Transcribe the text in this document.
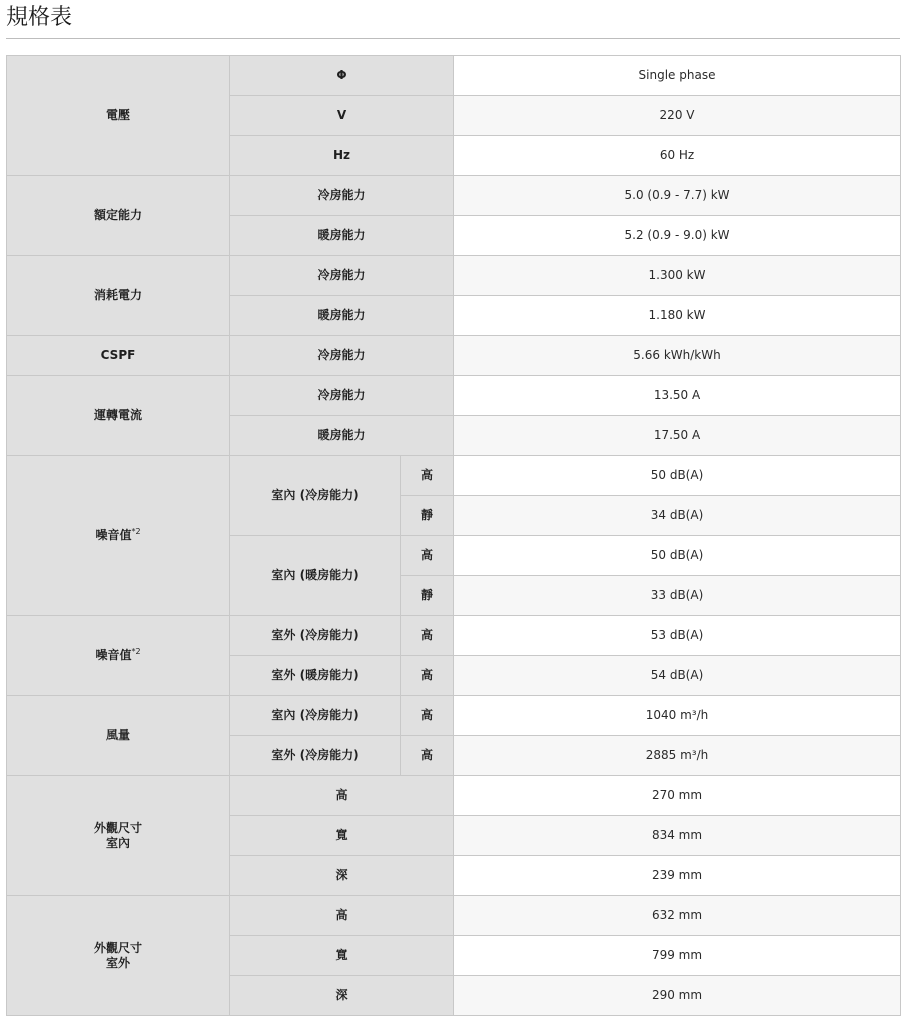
規格表
電壓	Φ		Single phase
	V		220 V
	Hz		60 Hz
額定能力	冷房能力		5.0 (0.9 - 7.7) kW
	暖房能力		5.2 (0.9 - 9.0) kW
消耗電力	冷房能力		1.300 kW
	暖房能力		1.180 kW
CSPF	冷房能力		5.66 kWh/kWh
運轉電流	冷房能力		13.50 A
	暖房能力		17.50 A
噪音值$^{*2}$	室內 (冷房能力)	高	50 dB(A)
		靜	34 dB(A)
	室內 (暖房能力)	高	50 dB(A)
		靜	33 dB(A)
噪音值$^{*2}$	室外 (冷房能力)	高	53 dB(A)
	室外 (暖房能力)	高	54 dB(A)
風量	室內 (冷房能力)	高	1040 m³/h
	室外 (冷房能力)	高	2885 m³/h
外觀尺寸
室內	高		270 mm
	寬		834 mm
	深		239 mm
外觀尺寸
室外	高		632 mm
	寬		799 mm
	深		290 mm
